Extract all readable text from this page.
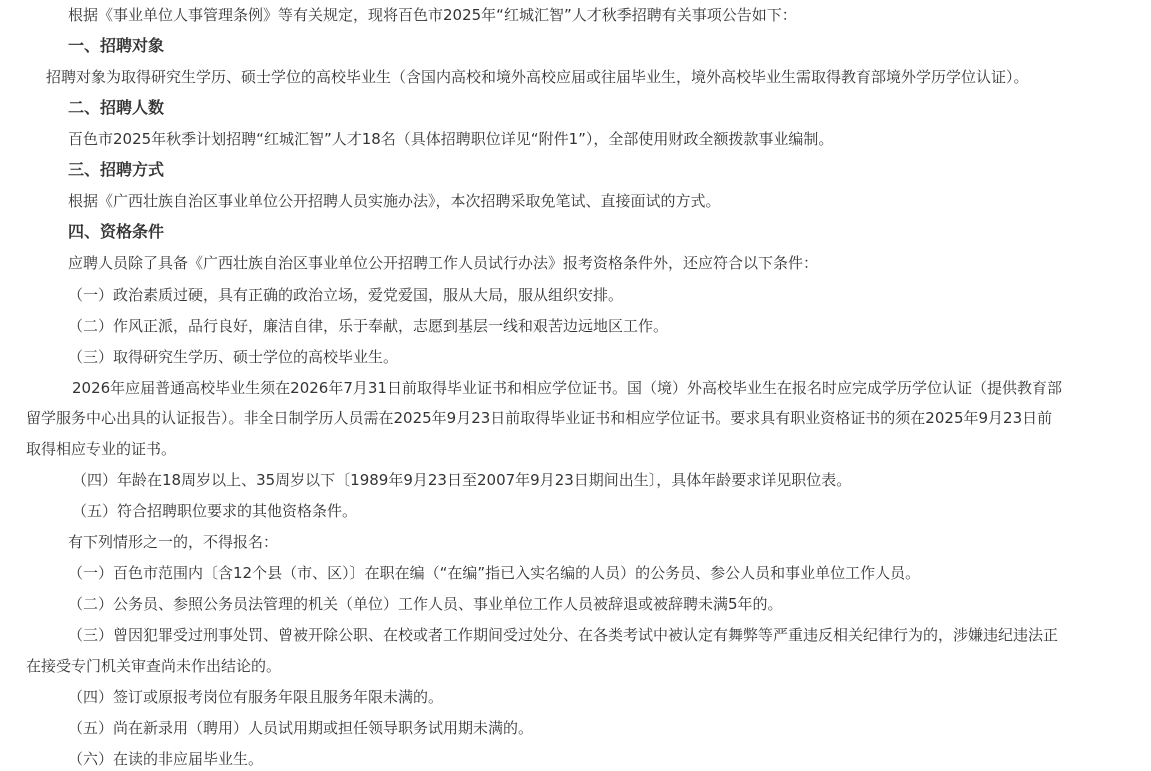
根据《事业单位人事管理条例》等有关规定，现将百色市2025年“红城汇智”人才秋季招聘有关事项公告如下：
一、招聘对象
招聘对象为取得研究生学历、硕士学位的高校毕业生（含国内高校和境外高校应届或往届毕业生，境外高校毕业生需取得教育部境外学历学位认证）。
二、招聘人数
百色市2025年秋季计划招聘“红城汇智”人才18名（具体招聘职位详见“附件1”），全部使用财政全额拨款事业编制。
三、招聘方式
根据《广西壮族自治区事业单位公开招聘人员实施办法》，本次招聘采取免笔试、直接面试的方式。
四、资格条件
应聘人员除了具备《广西壮族自治区事业单位公开招聘工作人员试行办法》报考资格条件外，还应符合以下条件：
（一）政治素质过硬，具有正确的政治立场，爱党爱国，服从大局，服从组织安排。
（二）作风正派，品行良好，廉洁自律，乐于奉献，志愿到基层一线和艰苦边远地区工作。
（三）取得研究生学历、硕士学位的高校毕业生。
2026年应届普通高校毕业生须在2026年7月31日前取得毕业证书和相应学位证书。国（境）外高校毕业生在报名时应完成学历学位认证（提供教育部
留学服务中心出具的认证报告）。非全日制学历人员需在2025年9月23日前取得毕业证书和相应学位证书。要求具有职业资格证书的须在2025年9月23日前
取得相应专业的证书。
（四）年龄在18周岁以上、35周岁以下〔1989年9月23日至2007年9月23日期间出生〕，具体年龄要求详见职位表。
（五）符合招聘职位要求的其他资格条件。
有下列情形之一的，不得报名：
（一）百色市范围内〔含12个县（市、区）〕在职在编（“在编”指已入实名编的人员）的公务员、参公人员和事业单位工作人员。
（二）公务员、参照公务员法管理的机关（单位）工作人员、事业单位工作人员被辞退或被辞聘未满5年的。
（三）曾因犯罪受过刑事处罚、曾被开除公职、在校或者工作期间受过处分、在各类考试中被认定有舞弊等严重违反相关纪律行为的，涉嫌违纪违法正
在接受专门机关审查尚未作出结论的。
（四）签订或原报考岗位有服务年限且服务年限未满的。
（五）尚在新录用（聘用）人员试用期或担任领导职务试用期未满的。
（六）在读的非应届毕业生。
